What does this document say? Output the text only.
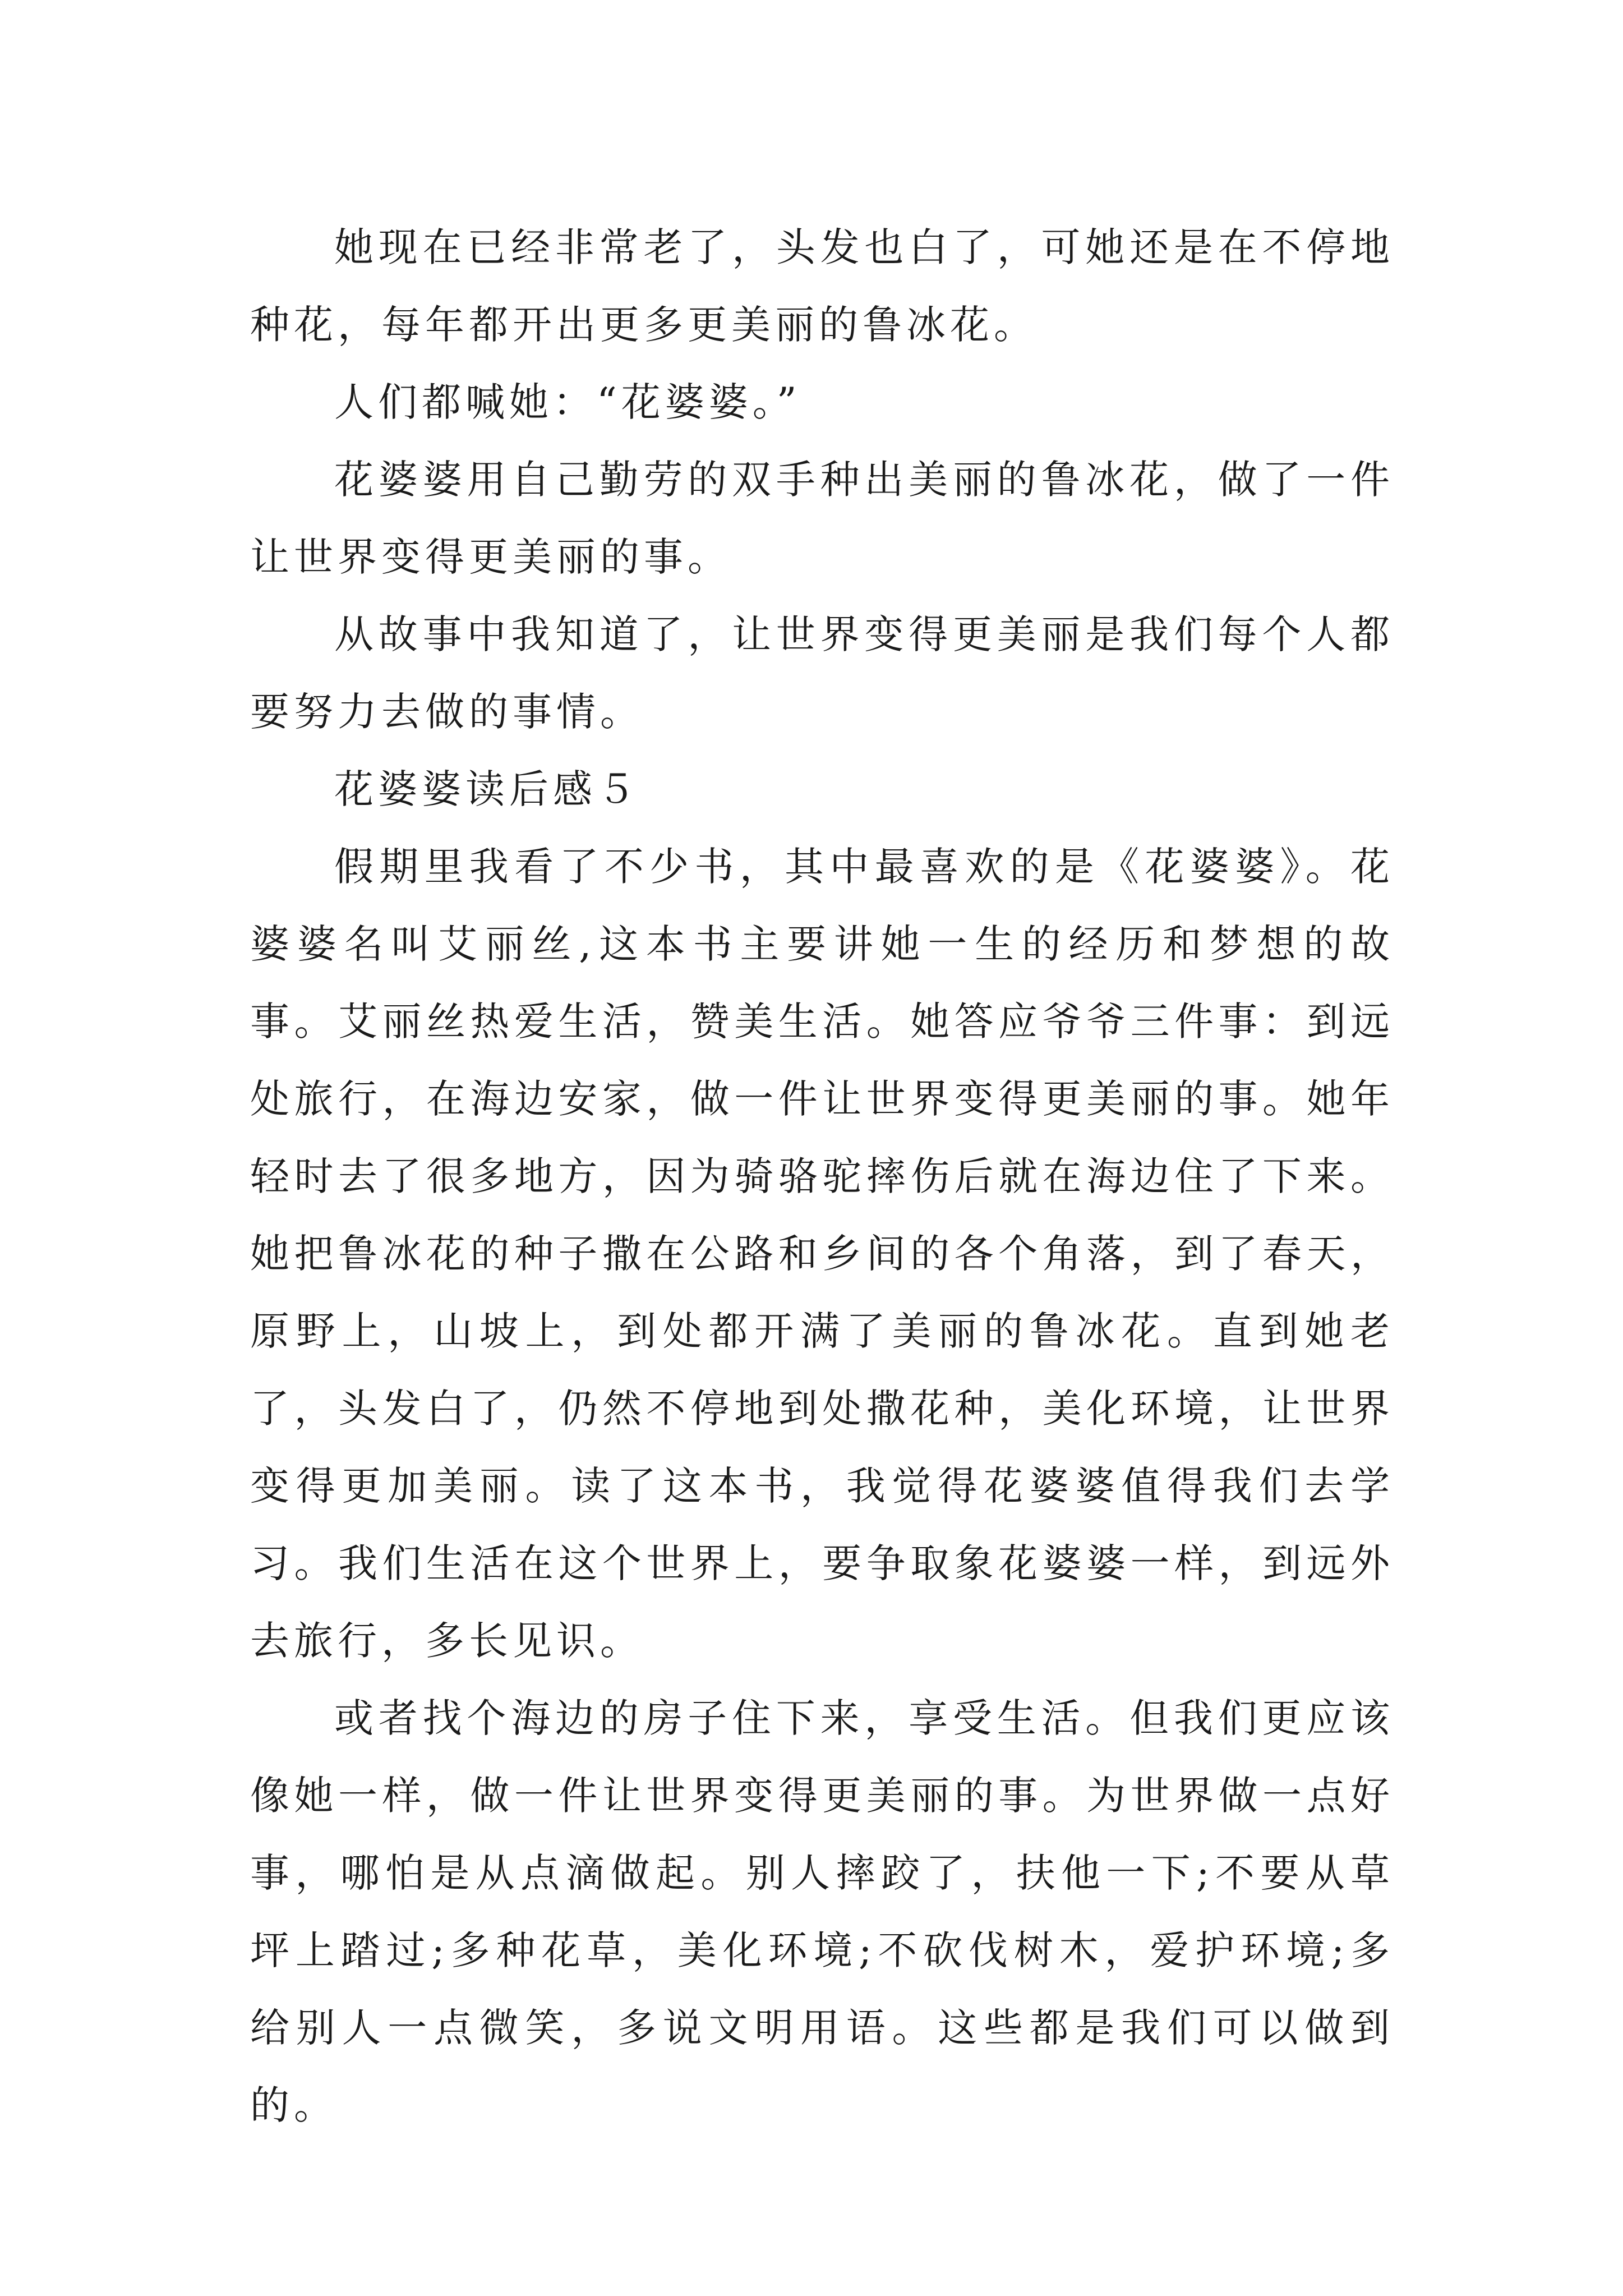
她现在已经非常老了，头发也白了，可她还是在不停地种花，每年都开出更多更美丽的鲁冰花。

人们都喊她：“花婆婆。”

花婆婆用自己勤劳的双手种出美丽的鲁冰花，做了一件让世界变得更美丽的事。

从故事中我知道了，让世界变得更美丽是我们每个人都要努力去做的事情。

花婆婆读后感５

假期里我看了不少书，其中最喜欢的是《花婆婆》。花婆婆名叫艾丽丝,这本书主要讲她一生的经历和梦想的故事。艾丽丝热爱生活，赞美生活。她答应爷爷三件事：到远处旅行，在海边安家，做一件让世界变得更美丽的事。她年轻时去了很多地方，因为骑骆驼摔伤后就在海边住了下来。她把鲁冰花的种子撒在公路和乡间的各个角落，到了春天，原野上，山坡上，到处都开满了美丽的鲁冰花。直到她老了，头发白了，仍然不停地到处撒花种，美化环境，让世界变得更加美丽。读了这本书，我觉得花婆婆值得我们去学习。我们生活在这个世界上，要争取象花婆婆一样，到远外去旅行，多长见识。

或者找个海边的房子住下来，享受生活。但我们更应该像她一样，做一件让世界变得更美丽的事。为世界做一点好事，哪怕是从点滴做起。别人摔跤了，扶他一下;不要从草坪上踏过;多种花草，美化环境;不砍伐树木，爱护环境;多给别人一点微笑，多说文明用语。这些都是我们可以做到的。
